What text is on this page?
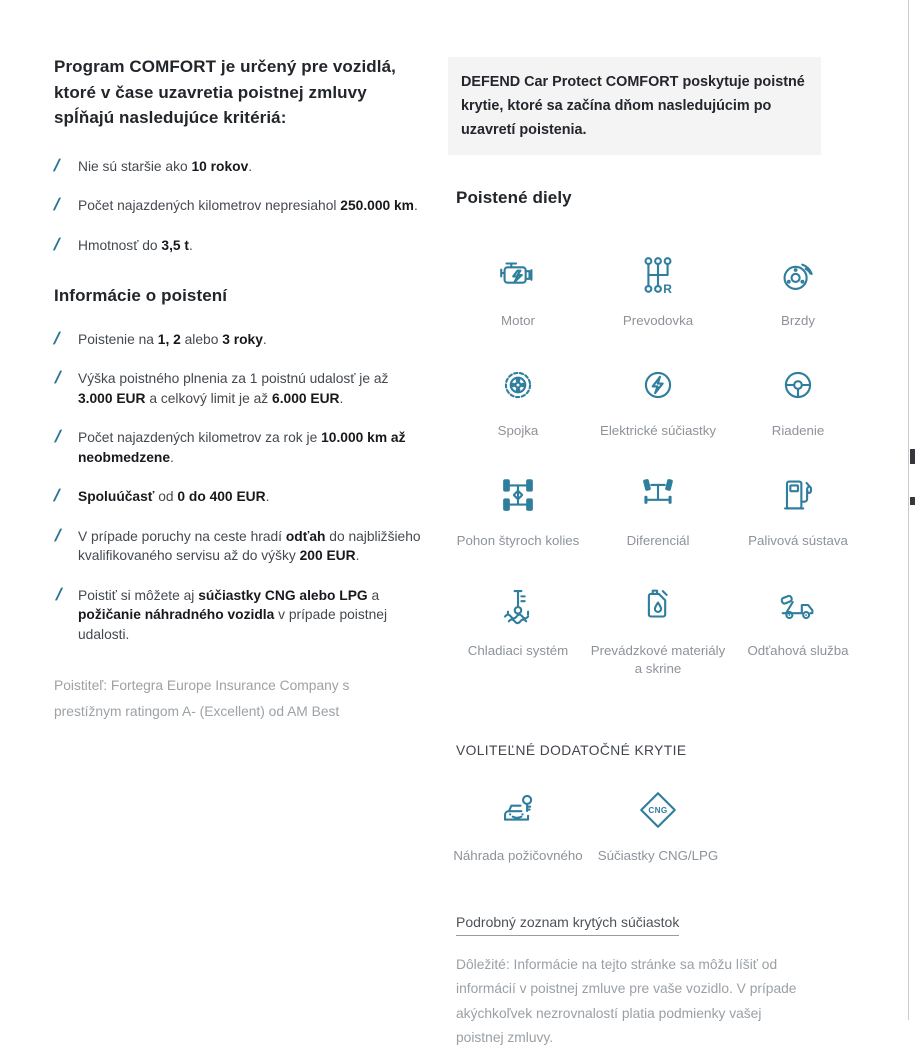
Program COMFORT je určený pre vozidlá, ktoré v čase uzavretia poistnej zmluvy spĺňajú nasledujúce kritériá:
/	Nie sú staršie ako 10 rokov.
/	Počet najazdených kilometrov nepresiahol 250.000 km.
/	Hmotnosť do 3,5 t.
Informácie o poistení
/	Poistenie na 1, 2 alebo 3 roky.
/	Výška poistného plnenia za 1 poistnú udalosť je až 3.000 EUR a celkový limit je až 6.000 EUR.
/	Počet najazdených kilometrov za rok je 10.000 km až neobmedzene.
/	Spoluúčasť od 0 do 400 EUR.
/	V prípade poruchy na ceste hradí odťah do najbližšieho kvalifikovaného servisu až do výšky 200 EUR.
/	Poistiť si môžete aj súčiastky CNG alebo LPG a požičanie náhradného vozidla v prípade poistnej udalosti.
Poistiteľ: Fortegra Europe Insurance Company s prestížnym ratingom A- (Excellent) od AM Best
DEFEND Car Protect COMFORT poskytuje poistné krytie, ktoré sa začína dňom nasledujúcim po uzavretí poistenia.
Poistené diely
Motor
R
Prevodovka	Brzdy
Spojka	Elektrické súčiastky	Riadenie
Pohon štyroch kolies	Diferenciál	Palivová sústava
Chladiaci systém Prevádzkové materiály a skrine
Odťahová služba
VOLITEĽNÉ DODATOČNÉ KRYTIE
Náhrada požičovného
CNG
Súčiastky CNG/LPG
Podrobný zoznam krytých súčiastok
Dôležité: Informácie na tejto stránke sa môžu líšiť od informácií v poistnej zmluve pre vaše vozidlo. V prípade akýchkoľvek nezrovnalostí platia podmienky vašej poistnej zmluvy.
